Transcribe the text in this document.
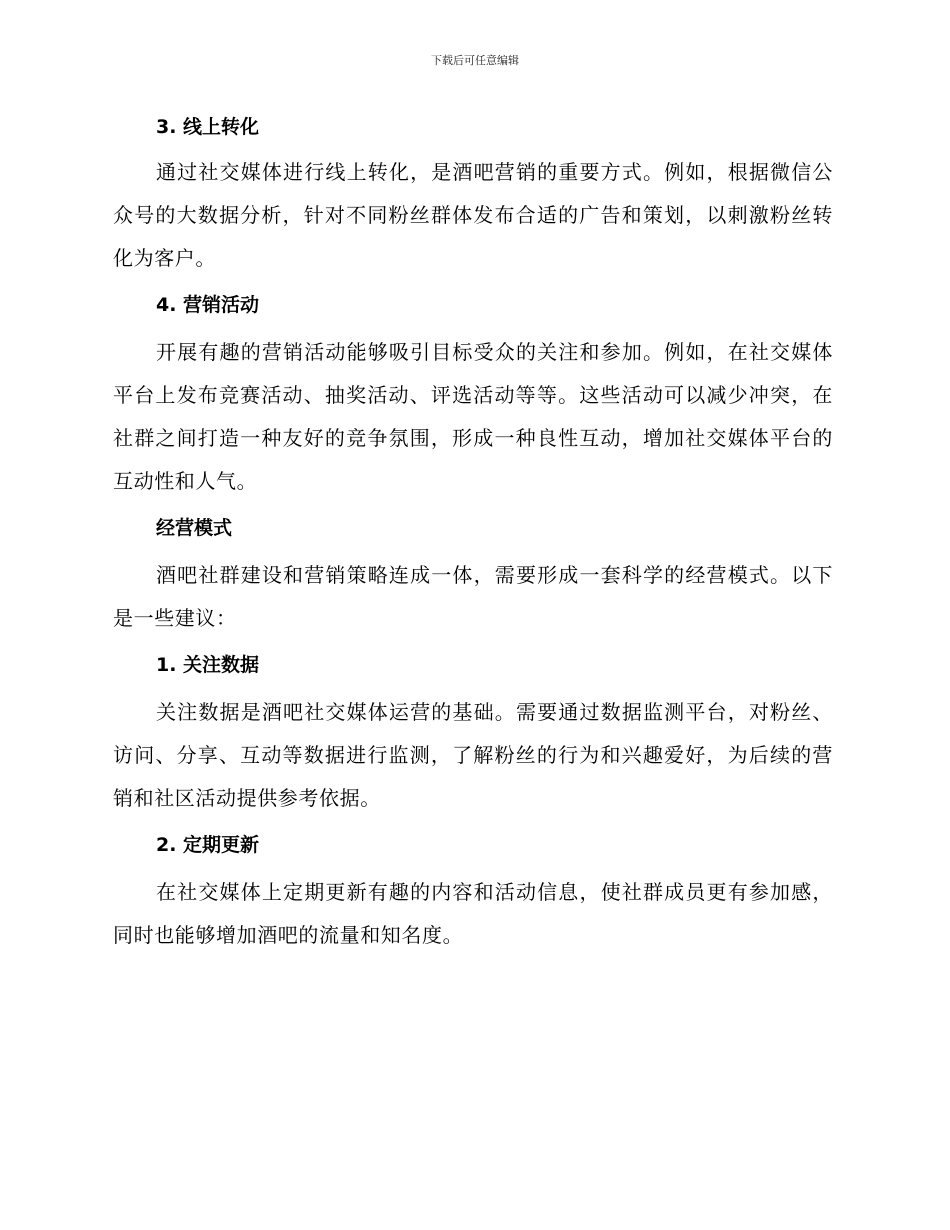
下载后可任意编辑
3. 线上转化

通过社交媒体进行线上转化，是酒吧营销的重要方式。例如，根据微信公众号的大数据分析，针对不同粉丝群体发布合适的广告和策划，以刺激粉丝转化为客户。

4. 营销活动

开展有趣的营销活动能够吸引目标受众的关注和参加。例如，在社交媒体平台上发布竞赛活动、抽奖活动、评选活动等等。这些活动可以减少冲突，在社群之间打造一种友好的竞争氛围，形成一种良性互动，增加社交媒体平台的互动性和人气。

经营模式

酒吧社群建设和营销策略连成一体，需要形成一套科学的经营模式。以下是一些建议：

1. 关注数据

关注数据是酒吧社交媒体运营的基础。需要通过数据监测平台，对粉丝、访问、分享、互动等数据进行监测，了解粉丝的行为和兴趣爱好，为后续的营销和社区活动提供参考依据。

2. 定期更新

在社交媒体上定期更新有趣的内容和活动信息，使社群成员更有参加感，同时也能够增加酒吧的流量和知名度。
